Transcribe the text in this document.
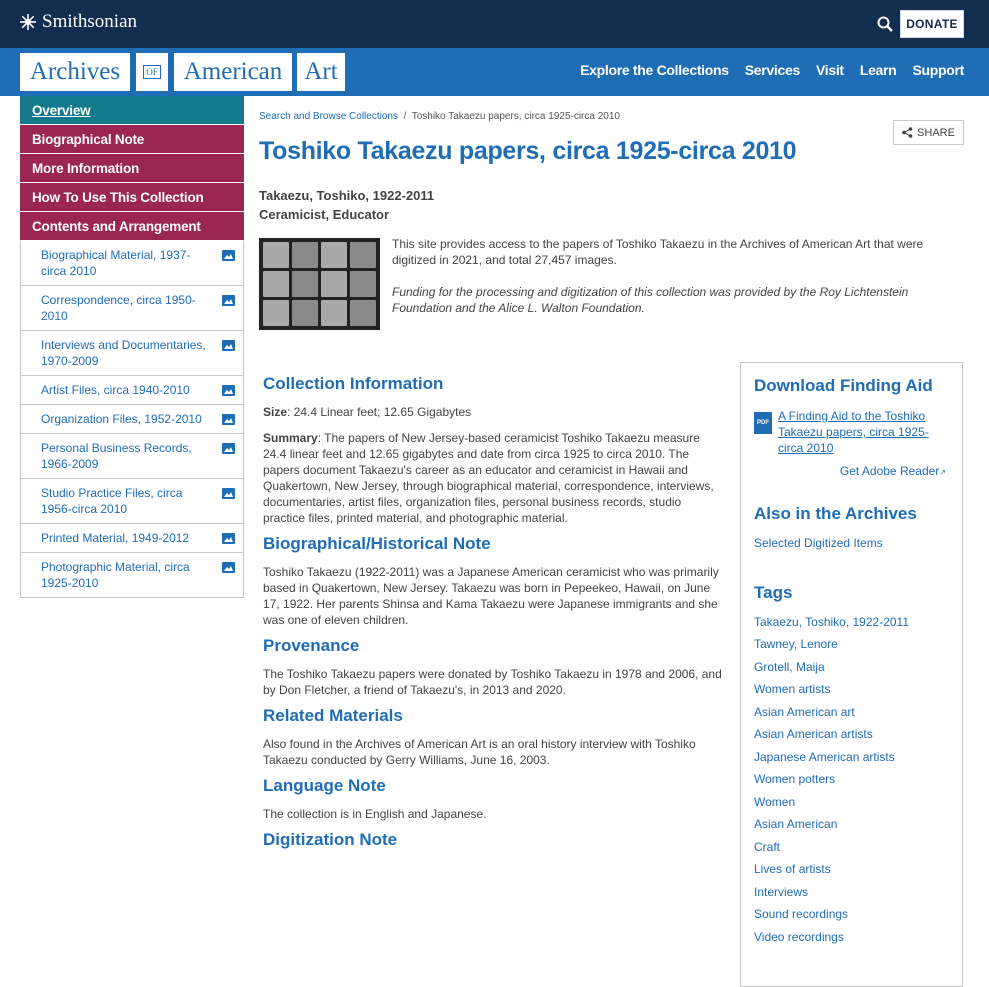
Smithsonian	DONATE
Archives	OF	American Art	Explore the Collections Services Visit Learn Support
Overview
Biographical Note
More Information
How To Use This Collection
Contents and Arrangement
Biographical Material, 1937-circa 2010
Correspondence, circa 1950-2010
Interviews and Documentaries, 1970-2009
Artist Files, circa 1940-2010
Organization Files, 1952-2010
Personal Business Records, 1966-2009
Studio Practice Files, circa 1956-circa 2010
Printed Material, 1949-2012
Photographic Material, circa 1925-2010
Search and Browse Collections / Toshiko Takaezu papers, circa 1925-circa 2010
SHARE
Toshiko Takaezu papers, circa 1925-circa 2010
Takaezu, Toshiko, 1922-2011
Ceramicist, Educator

This site provides access to the papers of Toshiko Takaezu in the Archives of American Art that were digitized in 2021, and total 27,457 images.

Funding for the processing and digitization of this collection was provided by the Roy Lichtenstein Foundation and the Alice L. Walton Foundation.

Collection Information

Size: 24.4 Linear feet; 12.65 Gigabytes

Summary: The papers of New Jersey-based ceramicist Toshiko Takaezu measure 24.4 linear feet and 12.65 gigabytes and date from circa 1925 to circa 2010. The papers document Takaezu's career as an educator and ceramicist in Hawaii and Quakertown, New Jersey, through biographical material, correspondence, interviews, documentaries, artist files, organization files, personal business records, studio practice files, printed material, and photographic material.

Biographical/Historical Note

Toshiko Takaezu (1922-2011) was a Japanese American ceramicist who was primarily based in Quakertown, New Jersey. Takaezu was born in Pepeekeo, Hawaii, on June 17, 1922. Her parents Shinsa and Kama Takaezu were Japanese immigrants and she was one of eleven children.

Provenance

The Toshiko Takaezu papers were donated by Toshiko Takaezu in 1978 and 2006, and by Don Fletcher, a friend of Takaezu's, in 2013 and 2020.

Related Materials

Also found in the Archives of American Art is an oral history interview with Toshiko Takaezu conducted by Gerry Williams, June 16, 2003.

Language Note

The collection is in English and Japanese.

Digitization Note
Download Finding Aid
PDF A Finding Aid to the Toshiko Takaezu papers, circa 1925-circa 2010
Get Adobe Reader↗
Also in the Archives
Selected Digitized Items
Tags
Takaezu, Toshiko, 1922-2011
Tawney, Lenore
Grotell, Maija
Women artists
Asian American art
Asian American artists
Japanese American artists
Women potters
Women
Asian American
Craft
Lives of artists
Interviews
Sound recordings
Video recordings
